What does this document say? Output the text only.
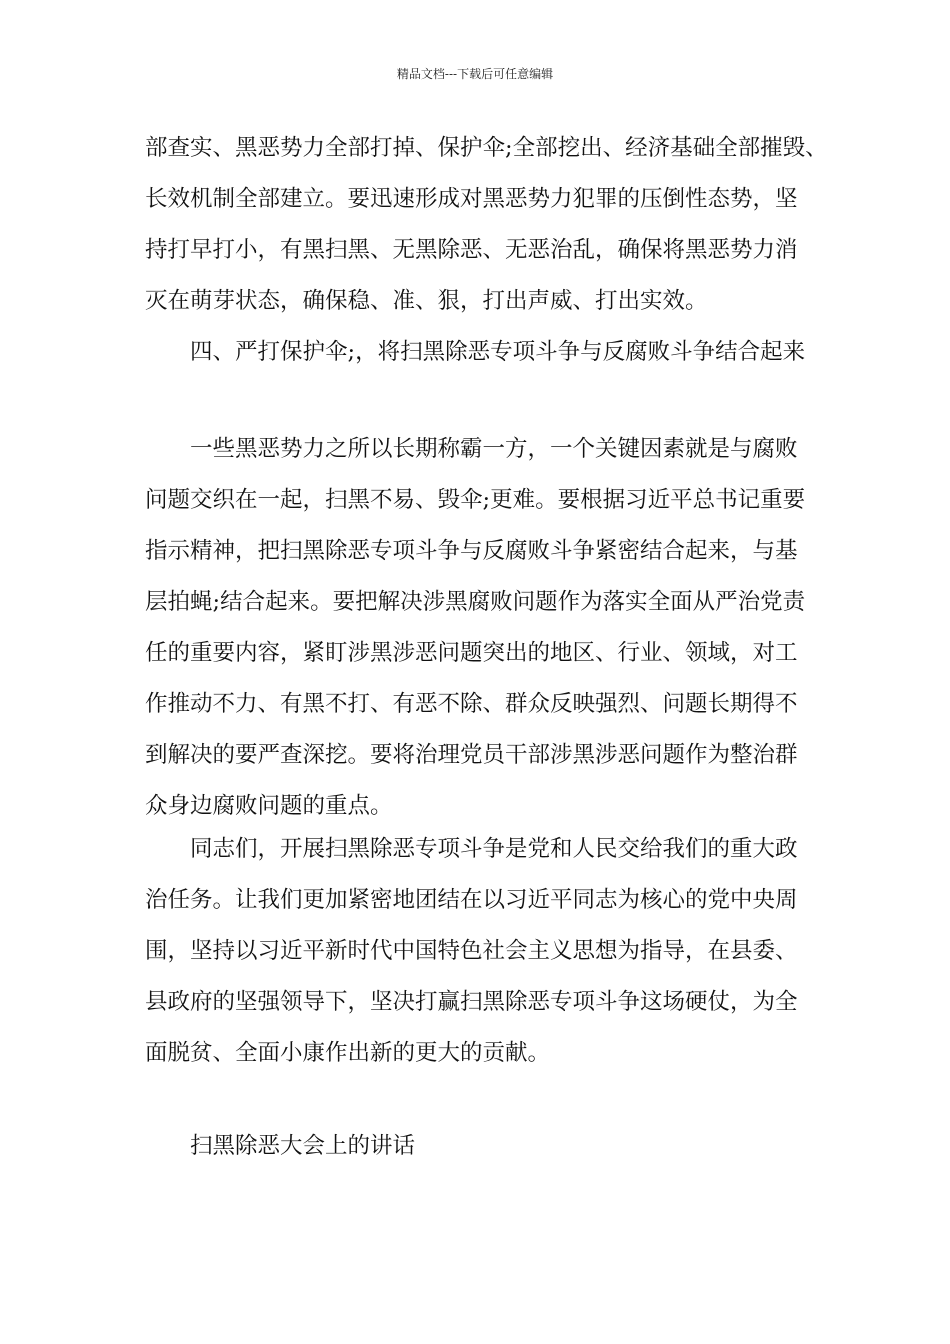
精品文档---下载后可任意编辑
部查实、黑恶势力全部打掉、保护伞;全部挖出、经济基础全部摧毁、
长效机制全部建立。要迅速形成对黑恶势力犯罪的压倒性态势，坚
持打早打小，有黑扫黑、无黑除恶、无恶治乱，确保将黑恶势力消
灭在萌芽状态，确保稳、准、狠，打出声威、打出实效。
四、严打保护伞;，将扫黑除恶专项斗争与反腐败斗争结合起来
一些黑恶势力之所以长期称霸一方，一个关键因素就是与腐败
问题交织在一起，扫黑不易、毁伞;更难。要根据习近平总书记重要
指示精神，把扫黑除恶专项斗争与反腐败斗争紧密结合起来，与基
层拍蝇;结合起来。要把解决涉黑腐败问题作为落实全面从严治党责
任的重要内容，紧盯涉黑涉恶问题突出的地区、行业、领域，对工
作推动不力、有黑不打、有恶不除、群众反映强烈、问题长期得不
到解决的要严查深挖。要将治理党员干部涉黑涉恶问题作为整治群
众身边腐败问题的重点。
同志们，开展扫黑除恶专项斗争是党和人民交给我们的重大政
治任务。让我们更加紧密地团结在以习近平同志为核心的党中央周
围，坚持以习近平新时代中国特色社会主义思想为指导，在县委、
县政府的坚强领导下，坚决打赢扫黑除恶专项斗争这场硬仗，为全
面脱贫、全面小康作出新的更大的贡献。
扫黑除恶大会上的讲话
